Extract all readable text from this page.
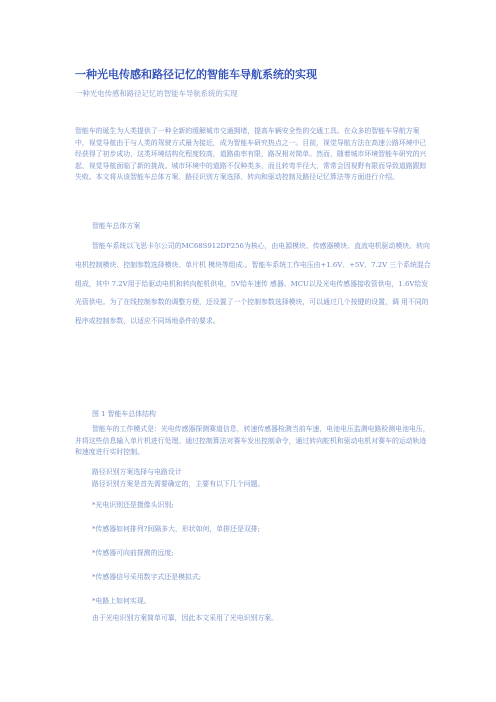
一种光电传感和路径记忆的智能车导航系统的实现
一种光电传感和路径记忆的智能车导航系统的实现

智能车的诞生为人类提供了一种全新的缓解城市交通拥堵，提高车辆安全性的交通工具。在众多的智能车导航方案中，视觉导航由于与人类的驾驶方式最为接近，成为智能车研究热点之一。目前，视觉导航方法在高速公路环境中已经获得了初步成功，这类环境结构化程度较高，道路曲率有限，路况相对简单。然而，随着城市环境智能车研究的兴起，视觉导航面临了新的挑战。城市环境中的道路不仅种类多，而且转弯半径大，常常会因视野有限而导致道路跟踪失败。本文将从该智能车总体方案、路径识别方案选择、转向和驱动控制及路径记忆算法等方面进行介绍。

智能车总体方案

智能车系统以飞思卡尔公司的MC68S912DP256为核心，由电源模块、传感器模块、直流电机驱动模块、转向电机控制模块、控制参数选择模块、单片机 模块等组成.。智能车系统工作电压由+1.6V、+5V、7.2V 三个系统混合组成，其中 7.2V用于给驱动电机和转向舵机供电，5V给车速传 感器、MCU以及光电传感器接收管供电，1.6V给发光管供电。为了在线控制参数的调整方便，还设置了一个控制参数选择模块，可以通过几个按键的设置，调 用不同的程序或控制参数，以适应不同场地条件的要求。

图 1 智能车总体结构

智能车的工作模式是：光电传感器探测赛道信息，转速传感器检测当前车速，电池电压监测电路检测电池电压，并将这些信息输入单片机进行处理。通过控制算法对赛车发出控制命令，通过转向舵机和驱动电机对赛车的运动轨迹和速度进行实时控制。

路径识别方案选择与电路设计
路径识别方案是首先需要确定的，主要有以下几个问题。
*光电识别还是摄像头识别;
*传感器如何排列?间隔多大、形状如何，单排还是双排;
*传感器可向前探测的远度;
*传感器信号采用数字式还是模拟式;
*电路上如何实现。
由于光电识别方案简单可靠，因此本文采用了光电识别方案。
